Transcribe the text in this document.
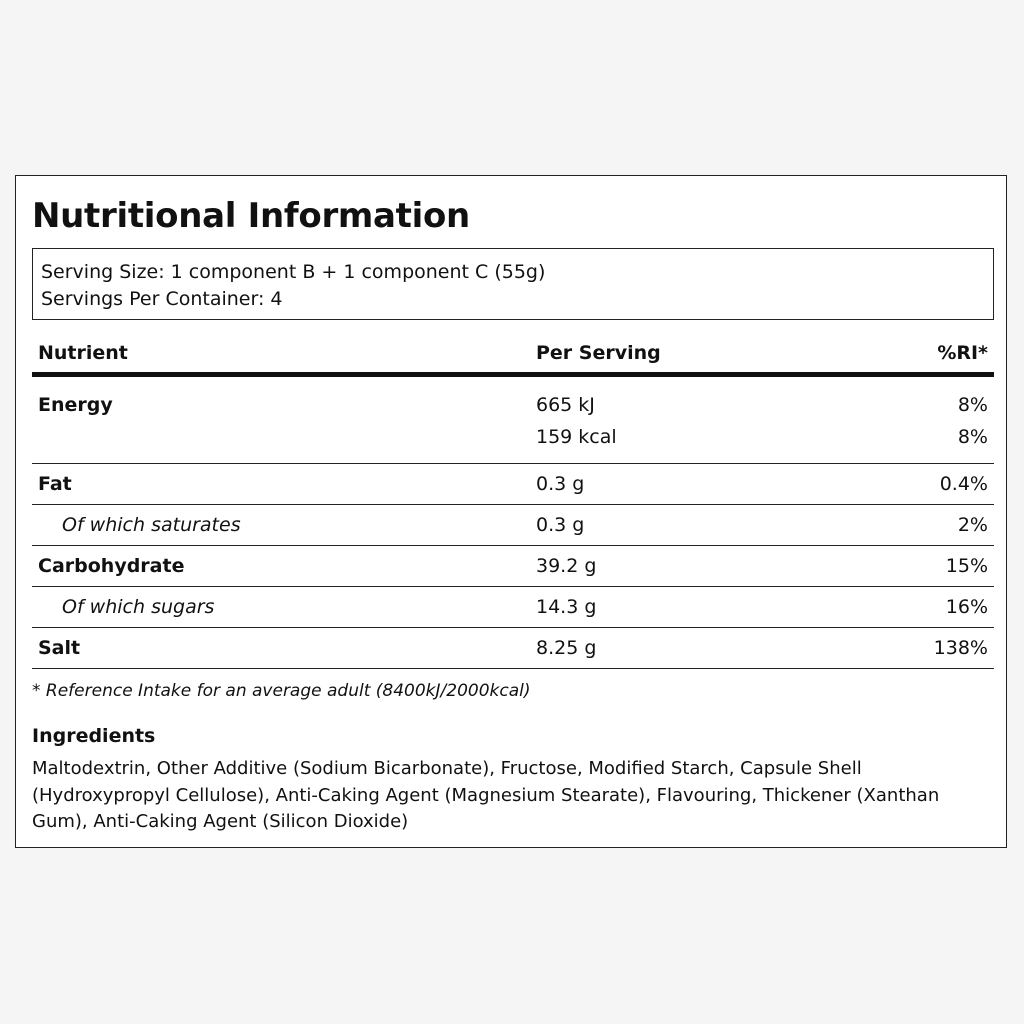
Nutritional Information
Serving Size: 1 component B + 1 component C (55g)
Servings Per Container: 4
Nutrient	Per Serving	%RI*
Energy	665 kJ	8%
159 kcal	8%
Fat	0.3 g	0.4%
Of which saturates	0.3 g	2%
Carbohydrate	39.2 g	15%
Of which sugars	14.3 g	16%
Salt	8.25 g	138%
* Reference Intake for an average adult (8400kJ/2000kcal)
Ingredients
Maltodextrin, Other Additive (Sodium Bicarbonate), Fructose, Modified Starch, Capsule Shell (Hydroxypropyl Cellulose), Anti-Caking Agent (Magnesium Stearate), Flavouring, Thickener (Xanthan Gum), Anti-Caking Agent (Silicon Dioxide)
